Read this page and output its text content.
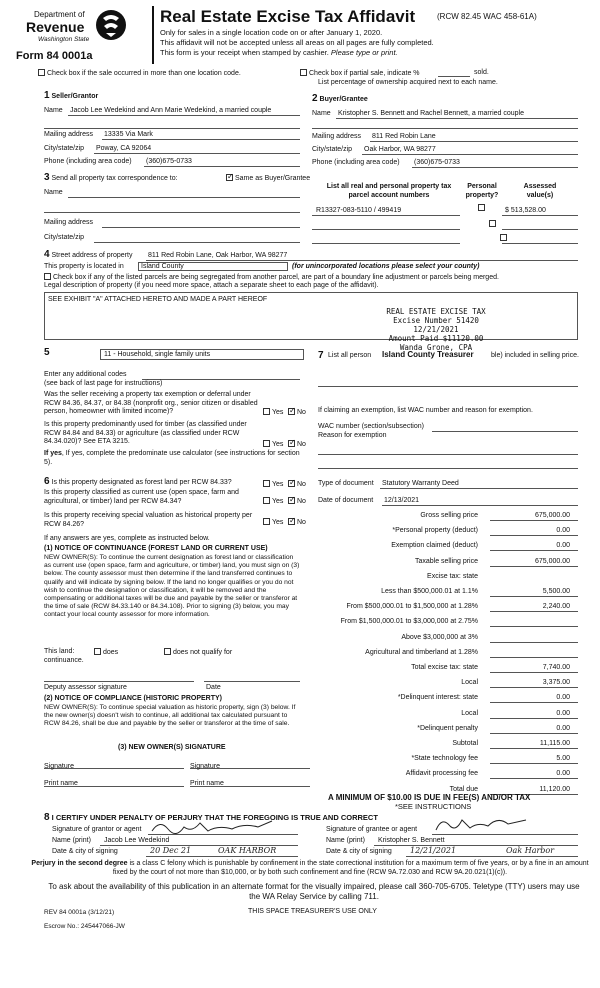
Department of
Revenue
Washington State
Form 84 0001a
Real Estate Excise Tax Affidavit	(RCW 82.45 WAC 458-61A)
Only for sales in a single location code on or after January 1, 2020.
This affidavit will not be accepted unless all areas on all pages are fully completed.
This form is your receipt when stamped by cashier. Please type or print.
Check box if the sale occurred in more than one location code.	Check box if partial sale, indicate %	sold.
List percentage of ownership acquired next to each name.
1 Seller/Grantor
Name Jacob Lee Wedekind and Ann Marie Wedekind, a married couple
Mailing address 13335 Via Mark
City/state/zip Poway, CA 92064
Phone (including area code) (360)675-0733
2 Buyer/Grantee
Name Kristopher S. Bennett and Rachel Bennett, a married couple
Mailing address 811 Red Robin Lane
City/state/zip Oak Harbor, WA 98277
Phone (including area code) (360)675-0733
3 Send all property tax correspondence to: ✓	Same as Buyer/Grantee
Name
Mailing address
City/state/zip
List all real and personal property tax parcel account numbers
Personal property?
Assessed value(s)
R13327-083-5110 / 499419
	$ 513,528.00

4 Street address of property 811 Red Robin Lane, Oak Harbor, WA 98277
This property is located in	Island County	(for unincorporated locations please select your county)
Check box if any of the listed parcels are being segregated from another parcel, are part of a boundary line adjustment or parcels being merged.
Legal description of property (if you need more space, attach a separate sheet to each page of the affidavit).
SEE EXHIBIT "A" ATTACHED HERETO AND MADE A PART HEREOF
REAL ESTATE EXCISE TAX
Excise Number 51420
12/21/2021
Amount Paid $11120.00
Wanda Grone, CPA
5	11 - Household, single family units
Enter any additional codes
(see back of last page for instructions)
Was the seller receiving a property tax exemption or deferral under RCW 84.36, 84.37, or 84.38 (nonprofit org., senior citizen or disabled person, homeowner with limited income)?	Yes ✓	No
Is this property predominantly used for timber (as classified under RCW 84.84 and 84.33) or agriculture (as classified under RCW 84.34.020)? See ETA 3215.	Yes ✓	No
If yes, If yes, complete the predominate use calculator (see instructions for section 5).
7 List all person Island County Treasurer ble) included in selling price.
If claiming an exemption, list WAC number and reason for exemption.
WAC number (section/subsection)
Reason for exemption
6 Is this property designated as forest land per RCW 84.33?	Yes ✓	No
Is this property classified as current use (open space, farm and agricultural, or timber) land per RCW 84.34?	Yes ✓	No
Is this property receiving special valuation as historical property per RCW 84.26?	Yes ✓	No
If any answers are yes, complete as instructed below.
(1) NOTICE OF CONTINUANCE (FOREST LAND OR CURRENT USE)
NEW OWNER(S): To continue the current designation as forest land or classification as current use (open space, farm and agriculture, or timber) land, you must sign on (3) below. The county assessor must then determine if the land transferred continues to qualify and will indicate by signing below. If the land no longer qualifies or you do not wish to continue the designation or classification, it will be removed and the compensating or additional taxes will be due and payable by the seller or transferor at the time of sale (RCW 84.33.140 or 84.34.108). Prior to signing (3) below, you may contact your local county assessor for more information.
This land:	does	does not qualify for
continuance.
Deputy assessor signature	Date
(2) NOTICE OF COMPLIANCE (HISTORIC PROPERTY)
NEW OWNER(S): To continue special valuation as historic property, sign (3) below. If the new owner(s) doesn't wish to continue, all additional tax calculated pursuant to RCW 84.26, shall be due and payable by the seller or transferor at the time of sale.
(3) NEW OWNER(S) SIGNATURE
Signature	Signature
Print name	Print name
Type of document Statutory Warranty Deed
Date of document 12/13/2021
Gross selling price	675,000.00
*Personal property (deduct)	0.00
Exemption claimed (deduct)	0.00
Taxable selling price	675,000.00
Excise tax: state
Less than $500,000.01 at 1.1%	5,500.00
From $500,000.01 to $1,500,000 at 1.28%	2,240.00
From $1,500,000.01 to $3,000,000 at 2.75%
Above $3,000,000 at 3%
Agricultural and timberland at 1.28%
Total excise tax: state	7,740.00
Local	3,375.00
*Delinquent interest: state	0.00
Local	0.00
*Delinquent penalty	0.00
Subtotal	11,115.00
*State technology fee	5.00
Affidavit processing fee	0.00
Total due	11,120.00
A MINIMUM OF $10.00 IS DUE IN FEE(S) AND/OR TAX
*SEE INSTRUCTIONS
8 I CERTIFY UNDER PENALTY OF PERJURY THAT THE FOREGOING IS TRUE AND CORRECT
Signature of grantor or agent
Name (print) Jacob Lee Wedekind
Date & city of signing	20 Dec 21	OAK HARBOR
Signature of grantee or agent
Name (print) Kristopher S. Bennett
Date & city of signing 12/21/2021	Oak Harbor
Perjury in the second degree is a class C felony which is punishable by confinement in the state correctional institution for a maximum term of five years, or by a fine in an amount fixed by the court of not more than $10,000, or by both such confinement and fine (RCW 9A.72.030 and RCW 9A.20.021(1)(c)).
To ask about the availability of this publication in an alternate format for the visually impaired, please call 360-705-6705. Teletype (TTY) users may use the WA Relay Service by calling 711.
REV 84 0001a (3/12/21)	THIS SPACE TREASURER'S USE ONLY
Escrow No.: 245447066-JW
